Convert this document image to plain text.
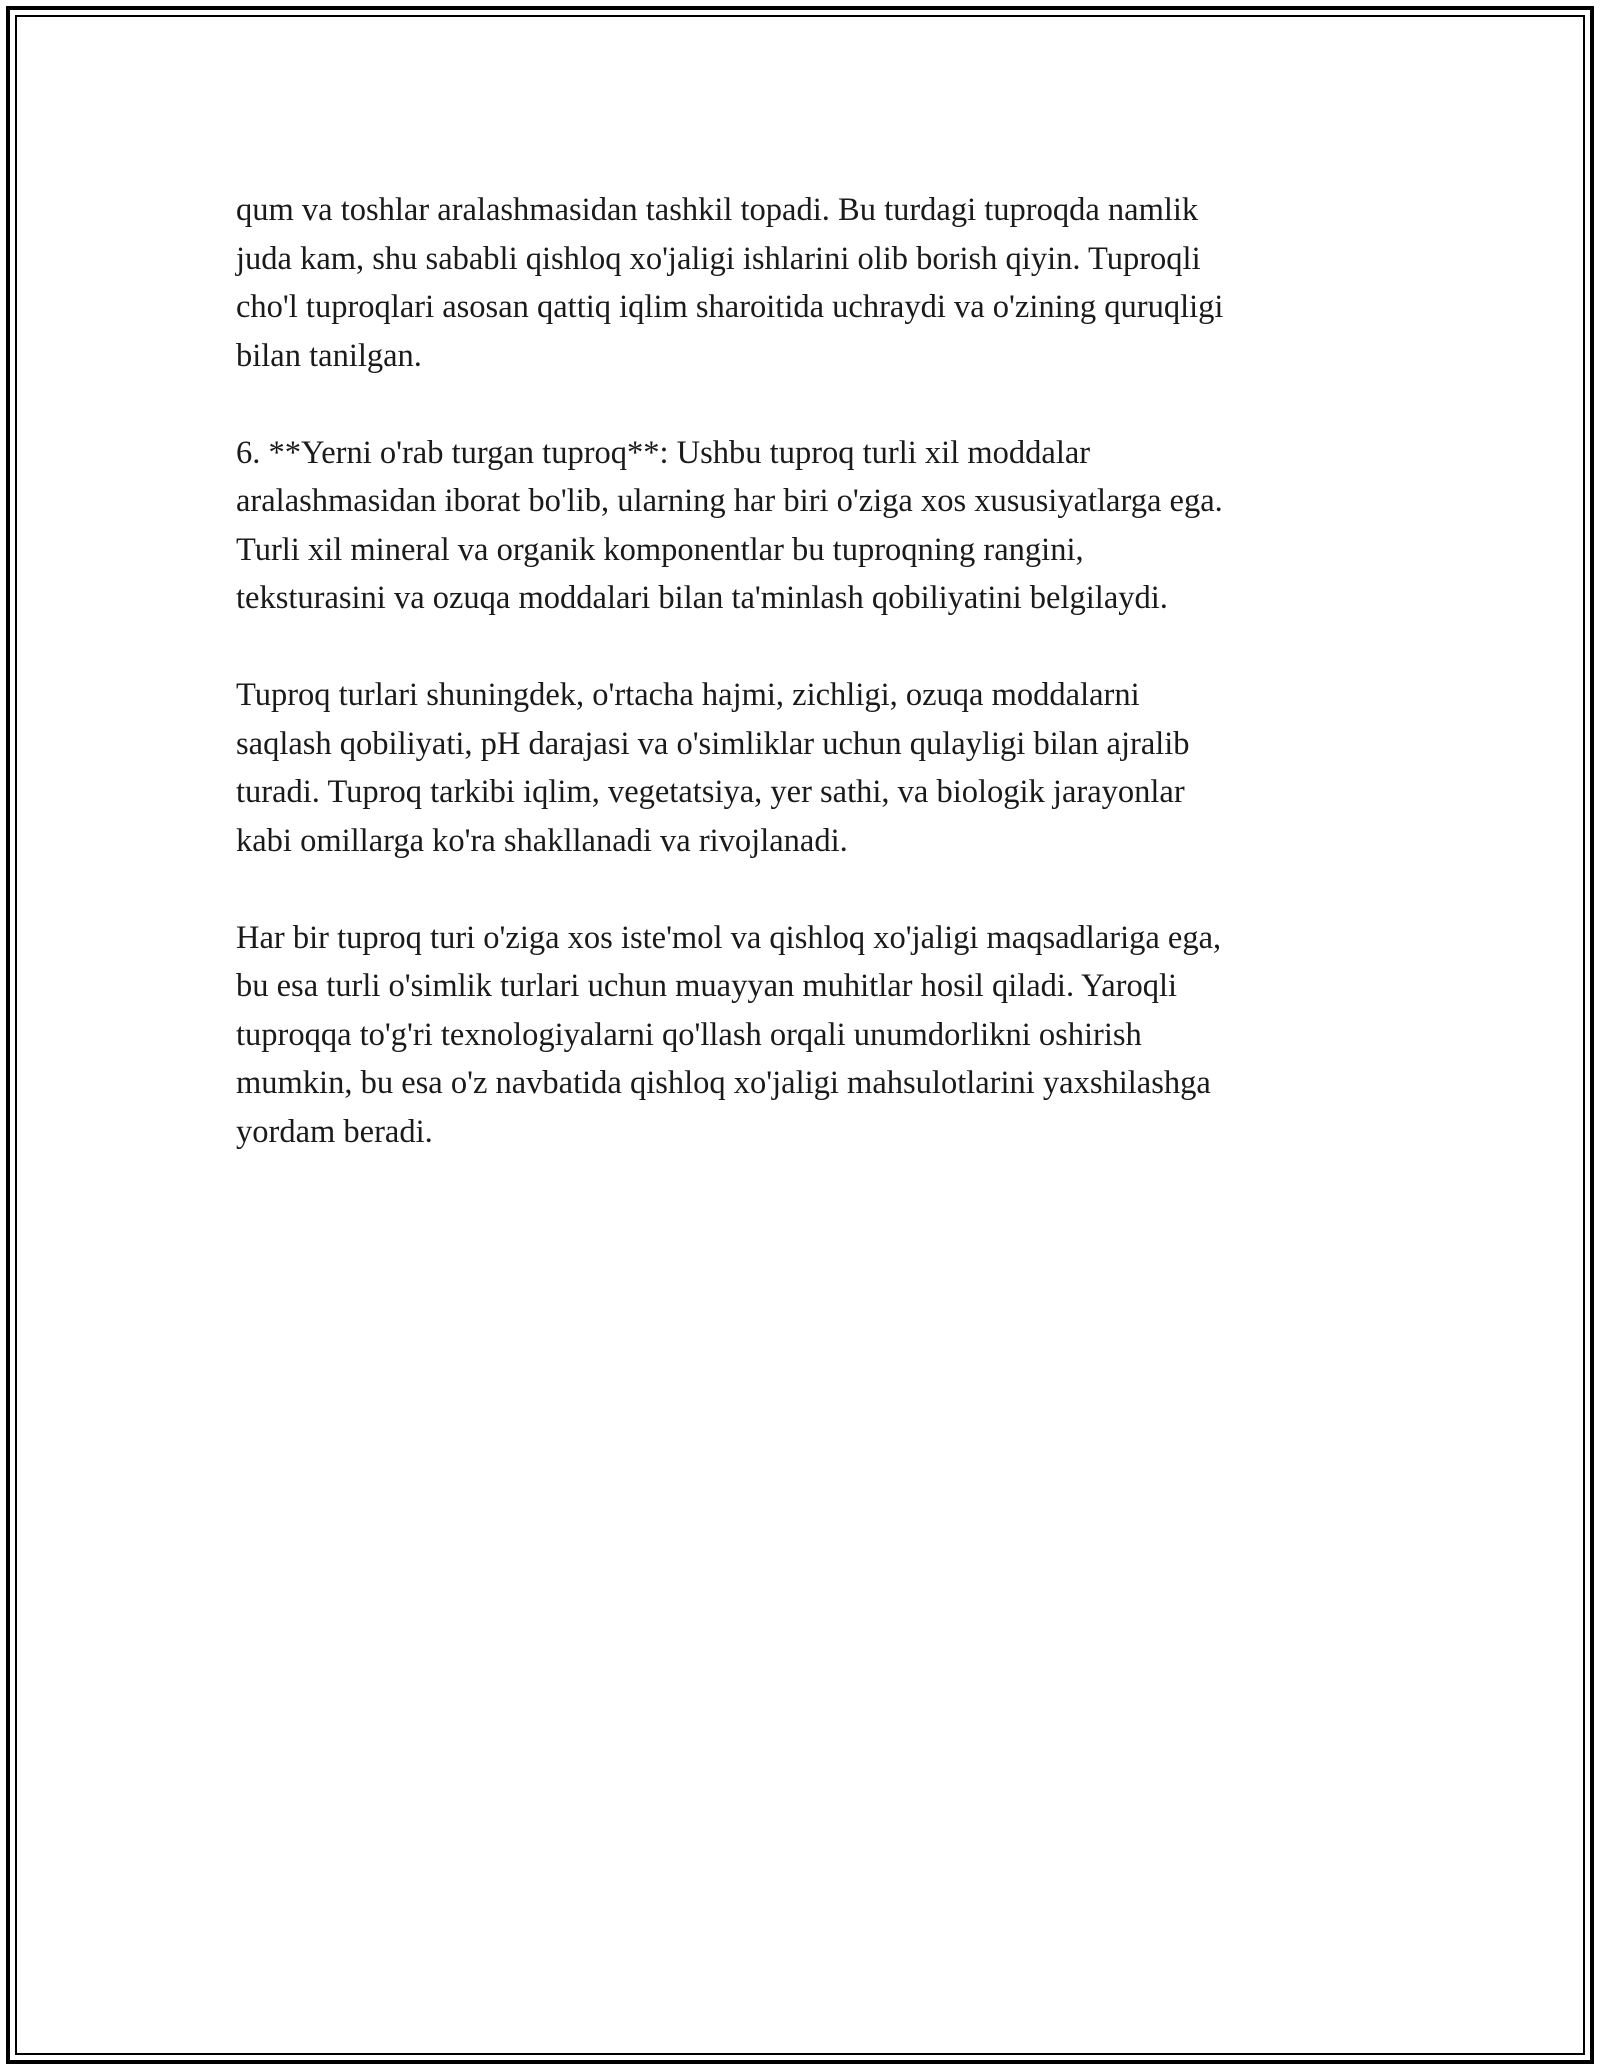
qum va toshlar aralashmasidan tashkil topadi. Bu turdagi tuproqda namlik
juda kam, shu sababli qishloq xo'jaligi ishlarini olib borish qiyin. Tuproqli
cho'l tuproqlari asosan qattiq iqlim sharoitida uchraydi va o'zining quruqligi
bilan tanilgan.

6. **Yerni o'rab turgan tuproq**: Ushbu tuproq turli xil moddalar
aralashmasidan iborat bo'lib, ularning har biri o'ziga xos xususiyatlarga ega.
Turli xil mineral va organik komponentlar bu tuproqning rangini,
teksturasini va ozuqa moddalari bilan ta'minlash qobiliyatini belgilaydi.

Tuproq turlari shuningdek, o'rtacha hajmi, zichligi, ozuqa moddalarni
saqlash qobiliyati, pH darajasi va o'simliklar uchun qulayligi bilan ajralib
turadi. Tuproq tarkibi iqlim, vegetatsiya, yer sathi, va biologik jarayonlar
kabi omillarga ko'ra shakllanadi va rivojlanadi.

Har bir tuproq turi o'ziga xos iste'mol va qishloq xo'jaligi maqsadlariga ega,
bu esa turli o'simlik turlari uchun muayyan muhitlar hosil qiladi. Yaroqli
tuproqqa to'g'ri texnologiyalarni qo'llash orqali unumdorlikni oshirish
mumkin, bu esa o'z navbatida qishloq xo'jaligi mahsulotlarini yaxshilashga
yordam beradi.
